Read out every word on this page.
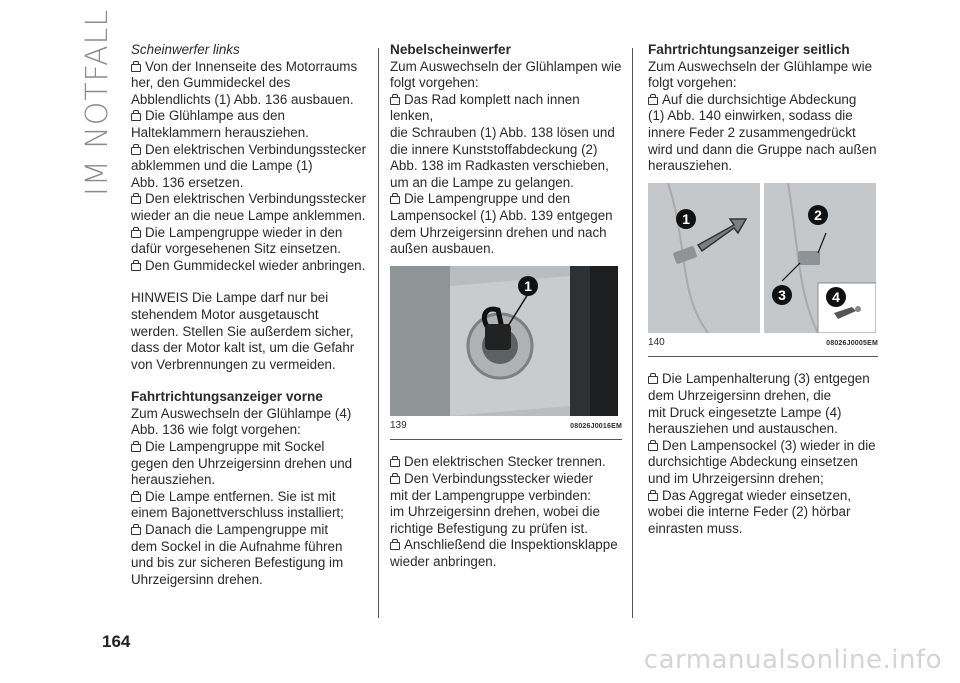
IM NOTFALL
164

Scheinwerfer links

Von der Innenseite des Motorraums
her, den Gummideckel des
Abblendlichts (1) Abb. 136 ausbauen.

Die Glühlampe aus den
Halteklammern herausziehen.

Den elektrischen Verbindungsstecker
abklemmen und die Lampe (1)
Abb. 136 ersetzen.

Den elektrischen Verbindungsstecker
wieder an die neue Lampe anklemmen.

Die Lampengruppe wieder in den
dafür vorgesehenen Sitz einsetzen.

Den Gummideckel wieder anbringen.

HINWEIS Die Lampe darf nur bei

stehendem Motor ausgetauscht

werden. Stellen Sie außerdem sicher,

dass der Motor kalt ist, um die Gefahr

von Verbrennungen zu vermeiden.

Fahrtrichtungsanzeiger vorne

Zum Auswechseln der Glühlampe (4)

Abb. 136 wie folgt vorgehen:

Die Lampengruppe mit Sockel
gegen den Uhrzeigersinn drehen und
herausziehen.

Die Lampe entfernen. Sie ist mit
einem Bajonettverschluss installiert;

Danach die Lampengruppe mit
dem Sockel in die Aufnahme führen
und bis zur sicheren Befestigung im
Uhrzeigersinn drehen.

Nebelscheinwerfer

Zum Auswechseln der Glühlampen wie

folgt vorgehen:

Das Rad komplett nach innen lenken,
die Schrauben (1) Abb. 138 lösen und
die innere Kunststoffabdeckung (2)
Abb. 138 im Radkasten verschieben,
um an die Lampe zu gelangen.

Die Lampengruppe und den
Lampensockel (1) Abb. 139 entgegen
dem Uhrzeigersinn drehen und nach
außen ausbauen.

1
139	08026J0016EM

Den elektrischen Stecker trennen.

Den Verbindungsstecker wieder
mit der Lampengruppe verbinden:
im Uhrzeigersinn drehen, wobei die
richtige Befestigung zu prüfen ist.

Anschließend die Inspektionsklappe
wieder anbringen.

Fahrtrichtungsanzeiger seitlich

Zum Auswechseln der Glühlampe wie

folgt vorgehen:

Auf die durchsichtige Abdeckung
(1) Abb. 140 einwirken, sodass die
innere Feder 2 zusammengedrückt
wird und dann die Gruppe nach außen
herausziehen.

1	2
3	4
140	08026J0005EM

Die Lampenhalterung (3) entgegen
dem Uhrzeigersinn drehen, die
mit Druck eingesetzte Lampe (4)
herausziehen und austauschen.

Den Lampensockel (3) wieder in die
durchsichtige Abdeckung einsetzen
und im Uhrzeigersinn drehen;

Das Aggregat wieder einsetzen,
wobei die interne Feder (2) hörbar
einrasten muss.

carmanualsonline.info
